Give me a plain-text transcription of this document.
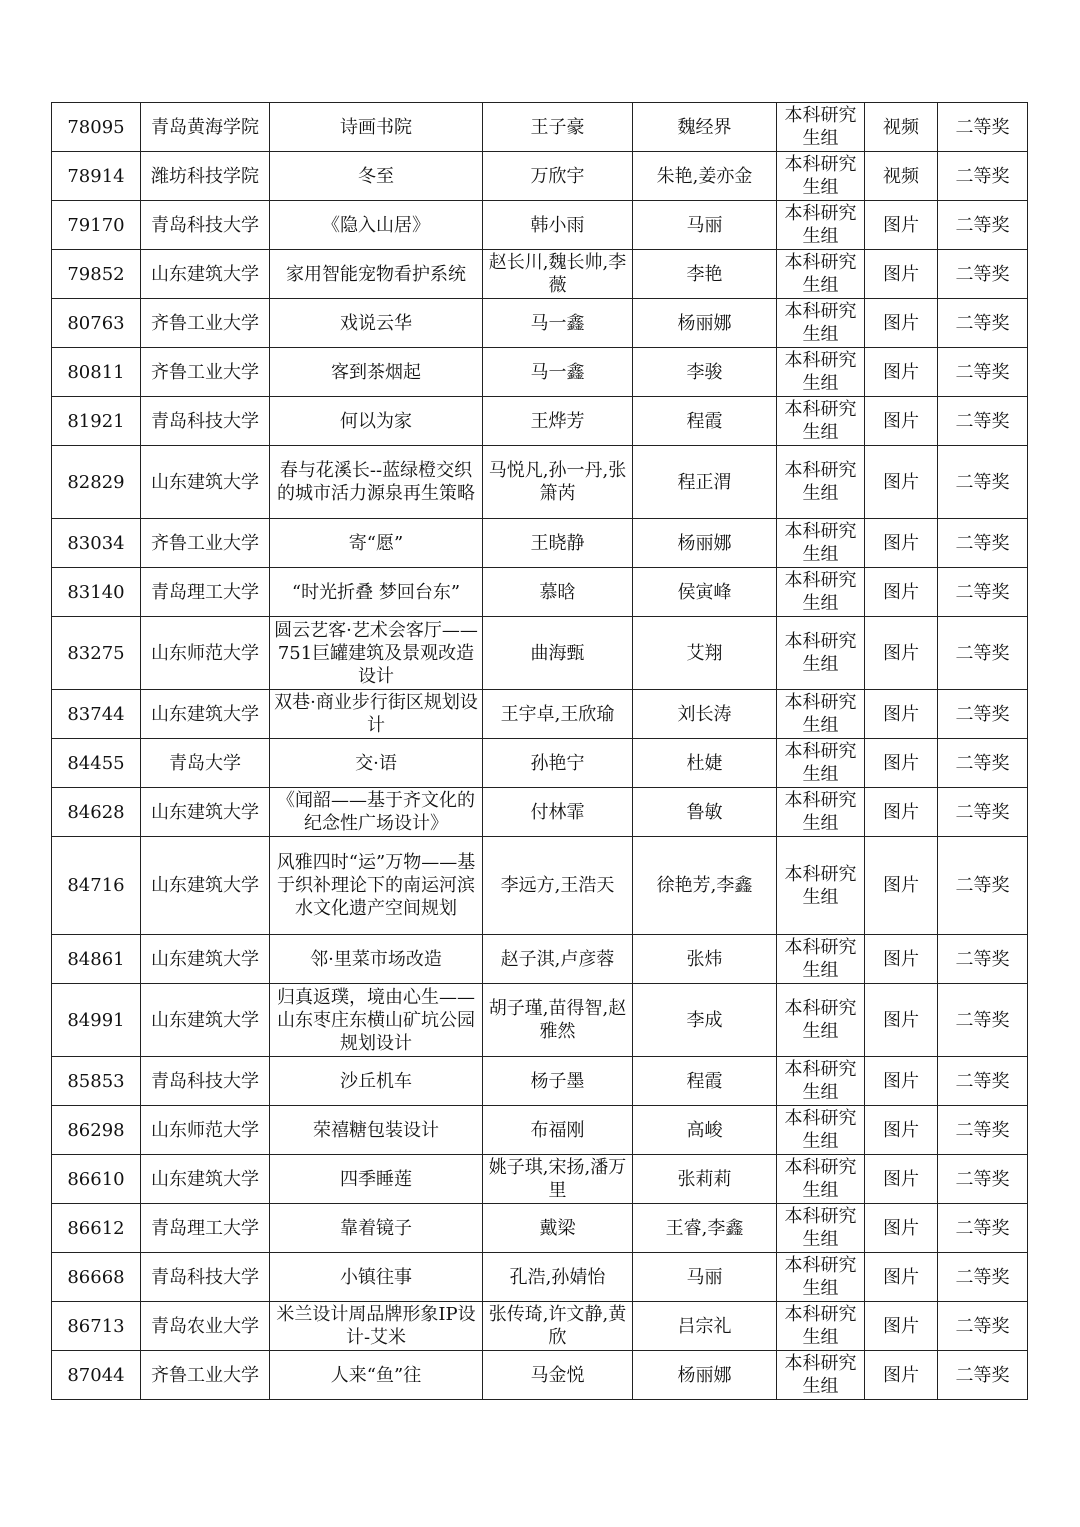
78095	青岛黄海学院	诗画书院	王子豪	魏经界	本科研究生组	视频	二等奖
78914	潍坊科技学院	冬至	万欣宇	朱艳,姜亦金	本科研究生组	视频	二等奖
79170	青岛科技大学	《隐入山居》	韩小雨	马丽	本科研究生组	图片	二等奖
79852	山东建筑大学	家用智能宠物看护系统	赵长川,魏长帅,李薇	李艳	本科研究生组	图片	二等奖
80763	齐鲁工业大学	戏说云华	马一鑫	杨丽娜	本科研究生组	图片	二等奖
80811	齐鲁工业大学	客到茶烟起	马一鑫	李骏	本科研究生组	图片	二等奖
81921	青岛科技大学	何以为家	王烨芳	程霞	本科研究生组	图片	二等奖
82829	山东建筑大学	春与花溪长--蓝绿橙交织的城市活力源泉再生策略	马悦凡,孙一丹,张箫芮	程正渭	本科研究生组	图片	二等奖
83034	齐鲁工业大学	寄“愿”	王晓静	杨丽娜	本科研究生组	图片	二等奖
83140	青岛理工大学	“时光折叠 梦回台东”	慕晗	侯寅峰	本科研究生组	图片	二等奖
83275	山东师范大学	圆云艺客·艺术会客厅——751巨罐建筑及景观改造设计	曲海甄	艾翔	本科研究生组	图片	二等奖
83744	山东建筑大学	双巷·商业步行街区规划设计	王宇卓,王欣瑜	刘长涛	本科研究生组	图片	二等奖
84455	青岛大学	交·语	孙艳宁	杜婕	本科研究生组	图片	二等奖
84628	山东建筑大学	《闻韶——基于齐文化的纪念性广场设计》	付林霏	鲁敏	本科研究生组	图片	二等奖
84716	山东建筑大学	风雅四时“运”万物——基于织补理论下的南运河滨水文化遗产空间规划	李远方,王浩天	徐艳芳,李鑫	本科研究生组	图片	二等奖
84861	山东建筑大学	邻·里菜市场改造	赵子淇,卢彦蓉	张炜	本科研究生组	图片	二等奖
84991	山东建筑大学	归真返璞，境由心生——山东枣庄东横山矿坑公园规划设计	胡子瑾,苗得智,赵雅然	李成	本科研究生组	图片	二等奖
85853	青岛科技大学	沙丘机车	杨子墨	程霞	本科研究生组	图片	二等奖
86298	山东师范大学	荣禧糖包装设计	布福刚	高峻	本科研究生组	图片	二等奖
86610	山东建筑大学	四季睡莲	姚子琪,宋扬,潘万里	张莉莉	本科研究生组	图片	二等奖
86612	青岛理工大学	靠着镜子	戴梁	王睿,李鑫	本科研究生组	图片	二等奖
86668	青岛科技大学	小镇往事	孔浩,孙婧怡	马丽	本科研究生组	图片	二等奖
86713	青岛农业大学	米兰设计周品牌形象IP设计-艾米	张传琦,许文静,黄欣	吕宗礼	本科研究生组	图片	二等奖
87044	齐鲁工业大学	人来“鱼”往	马金悦	杨丽娜	本科研究生组	图片	二等奖
